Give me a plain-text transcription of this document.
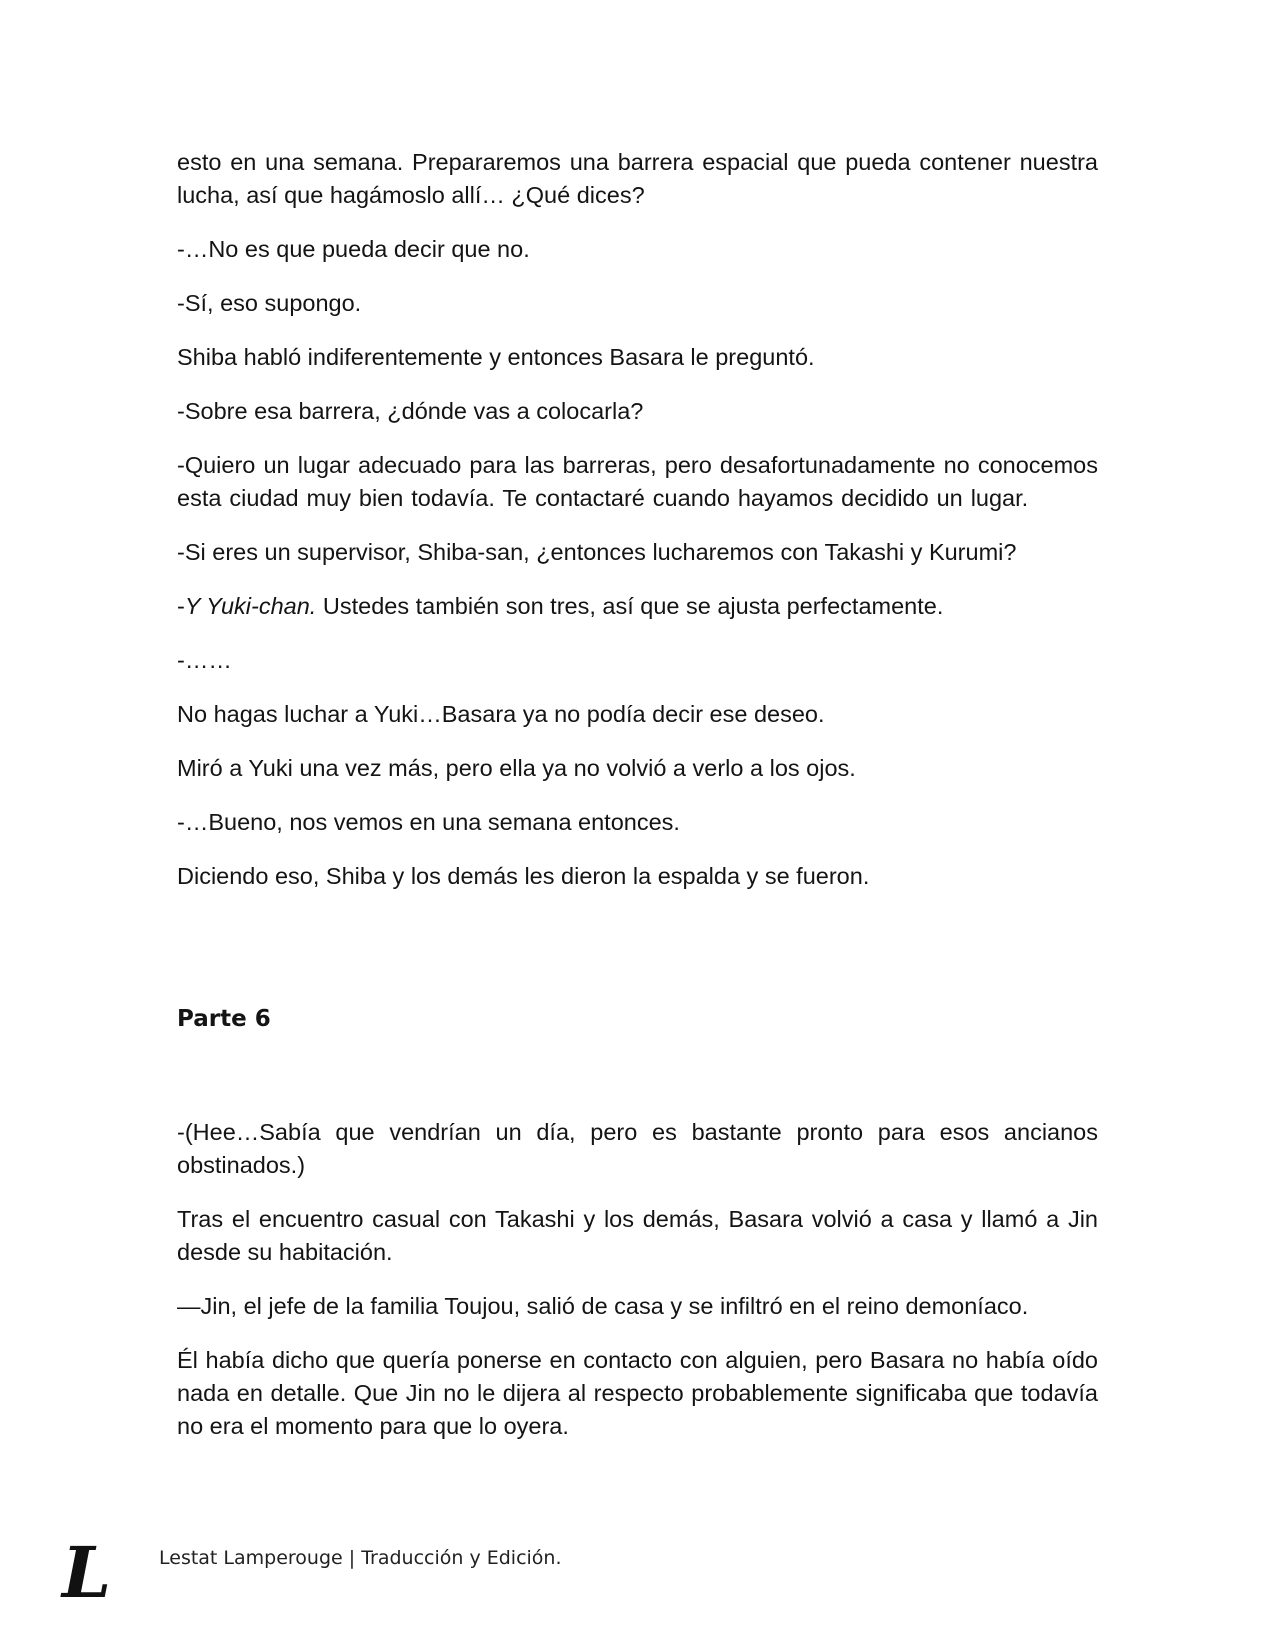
esto en una semana. Prepararemos una barrera espacial que pueda contener nuestra lucha, así que hagámoslo allí… ¿Qué dices?

-…No es que pueda decir que no.

-Sí, eso supongo.

Shiba habló indiferentemente y entonces Basara le preguntó.

-Sobre esa barrera, ¿dónde vas a colocarla?

-Quiero un lugar adecuado para las barreras, pero desafortunadamente no conocemos esta ciudad muy bien todavía. Te contactaré cuando hayamos decidido un lugar.

-Si eres un supervisor, Shiba-san, ¿entonces lucharemos con Takashi y Kurumi?

-Y Yuki-chan. Ustedes también son tres, así que se ajusta perfectamente.

-……

No hagas luchar a Yuki…Basara ya no podía decir ese deseo.

Miró a Yuki una vez más, pero ella ya no volvió a verlo a los ojos.

-…Bueno, nos vemos en una semana entonces.

Diciendo eso, Shiba y los demás les dieron la espalda y se fueron.

Parte 6

-(Hee…Sabía que vendrían un día, pero es bastante pronto para esos ancianos obstinados.)

Tras el encuentro casual con Takashi y los demás, Basara volvió a casa y llamó a Jin desde su habitación.

—Jin, el jefe de la familia Toujou, salió de casa y se infiltró en el reino demoníaco.

Él había dicho que quería ponerse en contacto con alguien, pero Basara no había oído nada en detalle. Que Jin no le dijera al respecto probablemente significaba que todavía no era el momento para que lo oyera.

L	Lestat Lamperouge | Traducción y Edición.
